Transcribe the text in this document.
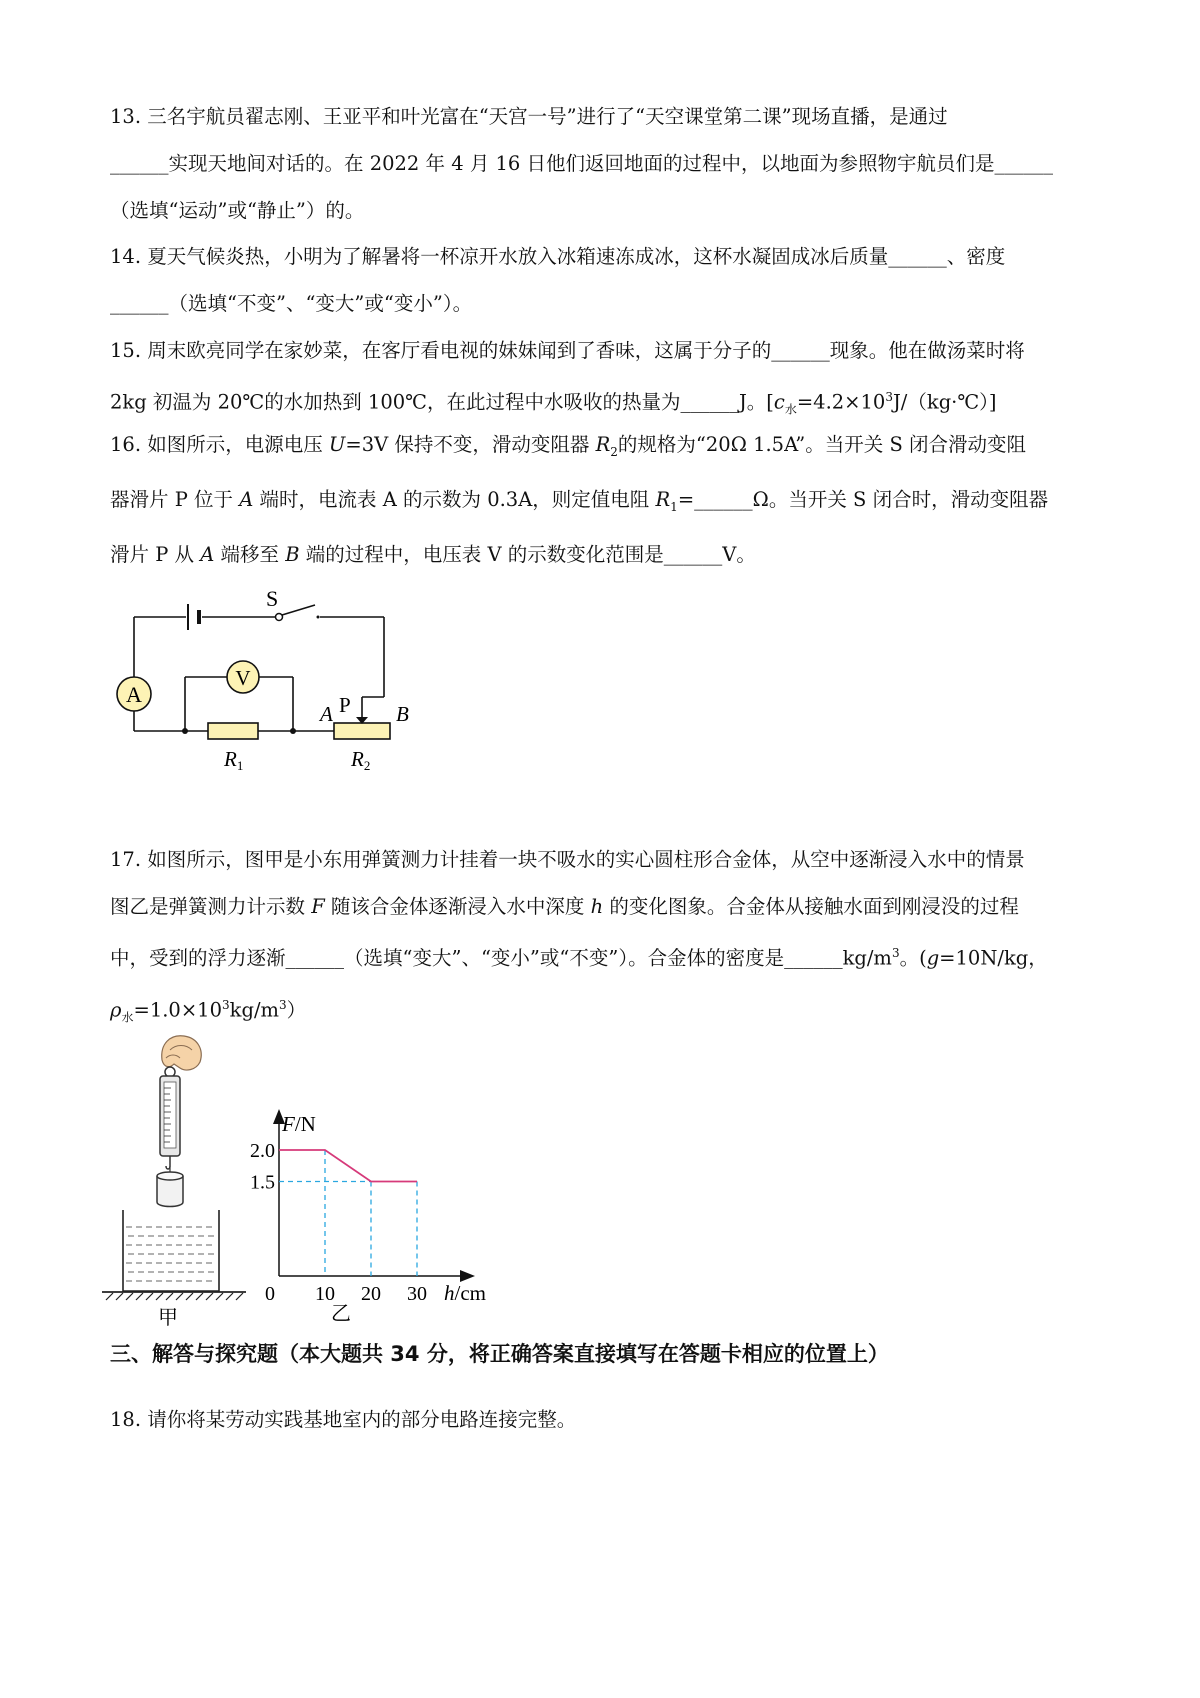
13. 三名宇航员翟志刚、王亚平和叶光富在“天宫一号”进行了“天空课堂第二课”现场直播，是通过

______实现天地间对话的。在 2022 年 4 月 16 日他们返回地面的过程中，以地面为参照物宇航员们是______

（选填“运动”或“静止”）的。

14. 夏天气候炎热，小明为了解暑将一杯凉开水放入冰箱速冻成冰，这杯水凝固成冰后质量______、密度

______（选填“不变”、“变大”或“变小”）。

15. 周末欧亮同学在家妙菜，在客厅看电视的妹妹闻到了香味，这属于分子的______现象。他在做汤菜时将

2kg 初温为 20℃的水加热到 100℃，在此过程中水吸收的热量为______J。$[c_水=4.2\times 10^3J/(kg\cdot℃)]$

16. 如图所示，电源电压 U=3V 保持不变，滑动变阻器 $R_2$的规格为“20Ω 1.5A”。当开关 S 闭合滑动变阻

器滑片 P 位于 A 端时，电流表 A 的示数为 0.3A，则定值电阻 $R_1=\_\_\_\_\_\_\Omega$。当开关 S 闭合时，滑动变阻器

滑片 P 从 A 端移至 B 端的过程中，电压表 V 的示数变化范围是______V。

S
A
V
R1
A P B
R2

17. 如图所示，图甲是小东用弹簧测力计挂着一块不吸水的实心圆柱形合金体，从空中逐渐浸入水中的情景

图乙是弹簧测力计示数 F 随该合金体逐渐浸入水中深度 h 的变化图象。合金体从接触水面到刚浸没的过程

中，受到的浮力逐渐______（选填“变大”、“变小”或“不变”）。合金体的密度是$\_\_\_\_\_\_kg/m^3$。(g=10N/kg，

$\rho_水=1.0\times 10^3kg/m^3$）

甲
2.0
1.5
0 10 20 30
F/N
h/cm
乙
三、解答与探究题（本大题共 34 分，将正确答案直接填写在答题卡相应的位置上）

18. 请你将某劳动实践基地室内的部分电路连接完整。
